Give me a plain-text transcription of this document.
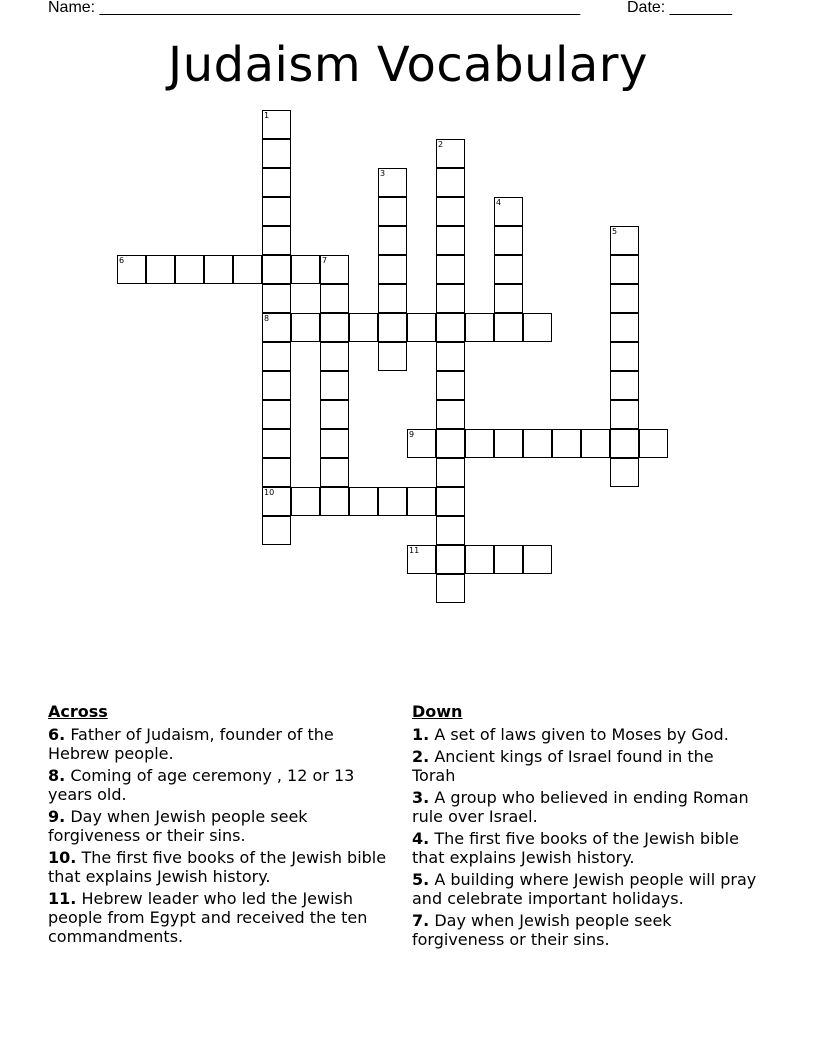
Name: ______________________________________________________	Date: _______
Judaism Vocabulary
1
8
10
2
3
4
5
6	7
9
11
Across
6. Father of Judaism, founder of the Hebrew people.
8. Coming of age ceremony , 12 or 13 years old.
9. Day when Jewish people seek forgiveness or their sins.
10. The first five books of the Jewish bible that explains Jewish history.
11. Hebrew leader who led the Jewish people from Egypt and received the ten commandments.
Down
1. A set of laws given to Moses by God.
2. Ancient kings of Israel found in the Torah
3. A group who believed in ending Roman rule over Israel.
4. The first five books of the Jewish bible that explains Jewish history.
5. A building where Jewish people will pray and celebrate important holidays.
7. Day when Jewish people seek forgiveness or their sins.
